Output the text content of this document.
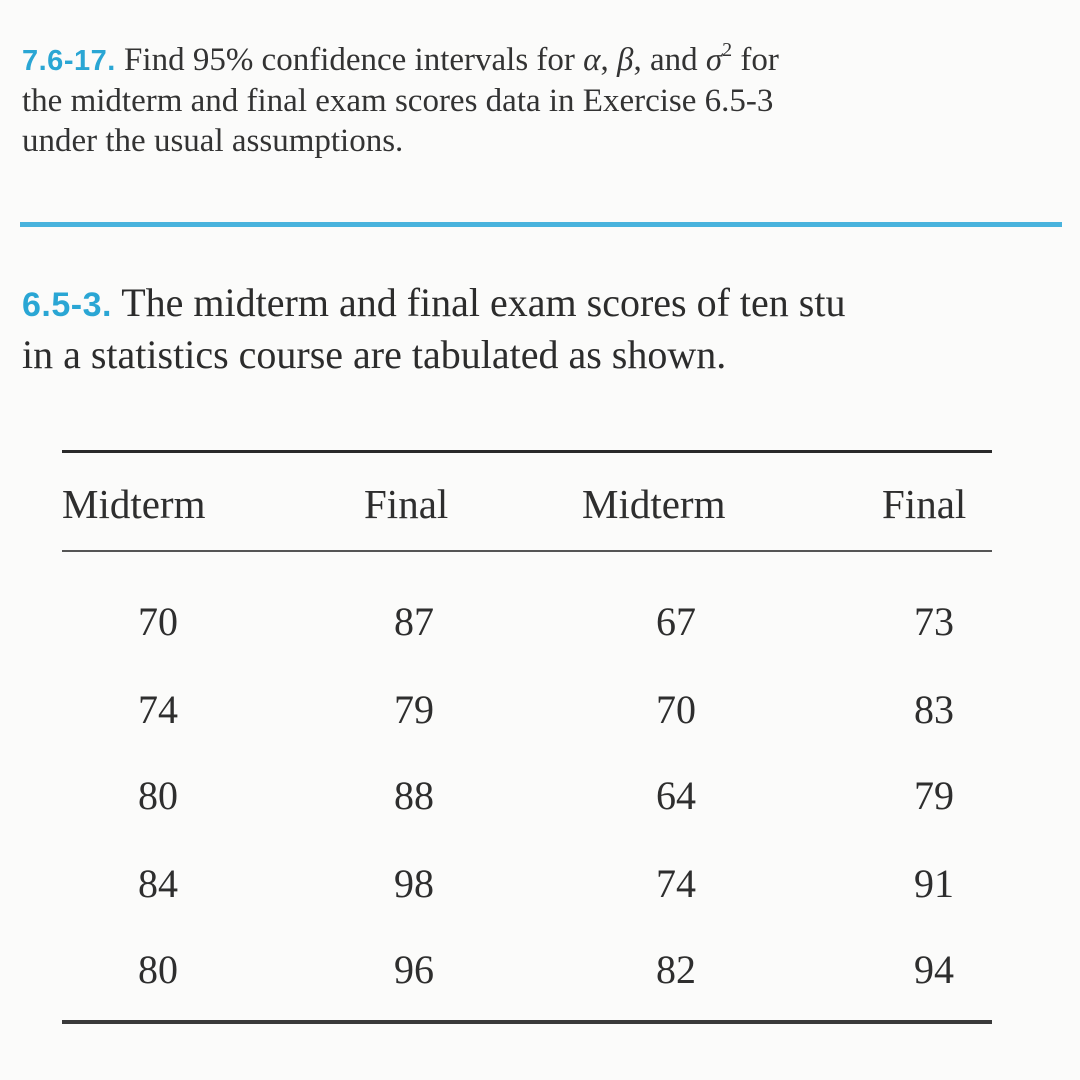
7.6-17. Find 95% confidence intervals for α, β, and $\sigma^2$ for
the midterm and final exam scores data in Exercise 6.5-3
under the usual assumptions.
6.5-3. The midterm and final exam scores of ten stu
in a statistics course are tabulated as shown.
Midterm	Final	Midterm	Final
70	87	67	73
74	79	70	83
80	88	64	79
84	98	74	91
80	96	82	94
